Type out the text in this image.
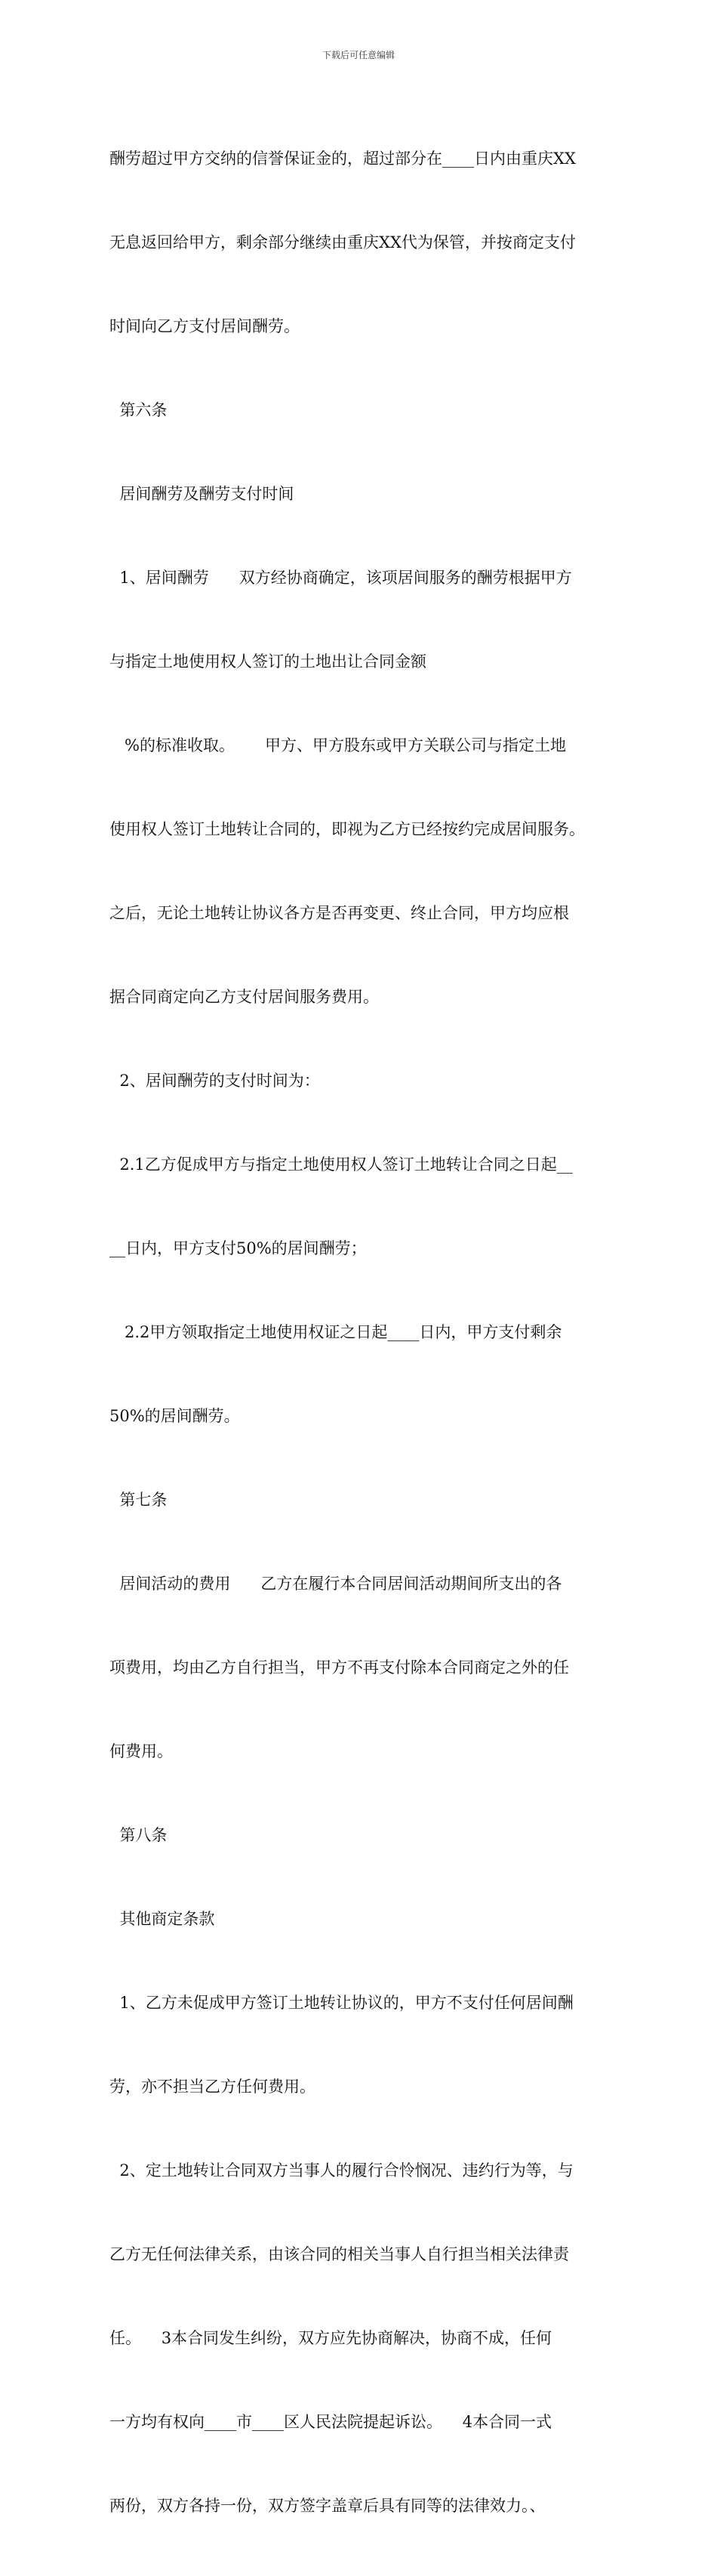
下载后可任意编辑

酬劳超过甲方交纳的信誉保证金的，超过部分在____日内由重庆XX

无息返回给甲方，剩余部分继续由重庆XX代为保管，并按商定支付

时间向乙方支付居间酬劳。

第六条

居间酬劳及酬劳支付时间

1、居间酬劳      双方经协商确定，该项居间服务的酬劳根据甲方

与指定土地使用权人签订的土地出让合同金额

%的标准收取。      甲方、甲方股东或甲方关联公司与指定土地

使用权人签订土地转让合同的，即视为乙方已经按约完成居间服务。

之后，无论土地转让协议各方是否再变更、终止合同，甲方均应根

据合同商定向乙方支付居间服务费用。

2、居间酬劳的支付时间为：

2.1乙方促成甲方与指定土地使用权人签订土地转让合同之日起__

__日内，甲方支付50%的居间酬劳；

2.2甲方领取指定土地使用权证之日起____日内，甲方支付剩余

50%的居间酬劳。

第七条

居间活动的费用      乙方在履行本合同居间活动期间所支出的各

项费用，均由乙方自行担当，甲方不再支付除本合同商定之外的任

何费用。

第八条

其他商定条款

1、乙方未促成甲方签订土地转让协议的，甲方不支付任何居间酬

劳，亦不担当乙方任何费用。

2、定土地转让合同双方当事人的履行合怜悯况、违约行为等，与

乙方无任何法律关系，由该合同的相关当事人自行担当相关法律责

任。    3本合同发生纠纷，双方应先协商解决，协商不成，任何

一方均有权向____市____区人民法院提起诉讼。    4本合同一式

两份，双方各持一份，双方签字盖章后具有同等的法律效力。、
